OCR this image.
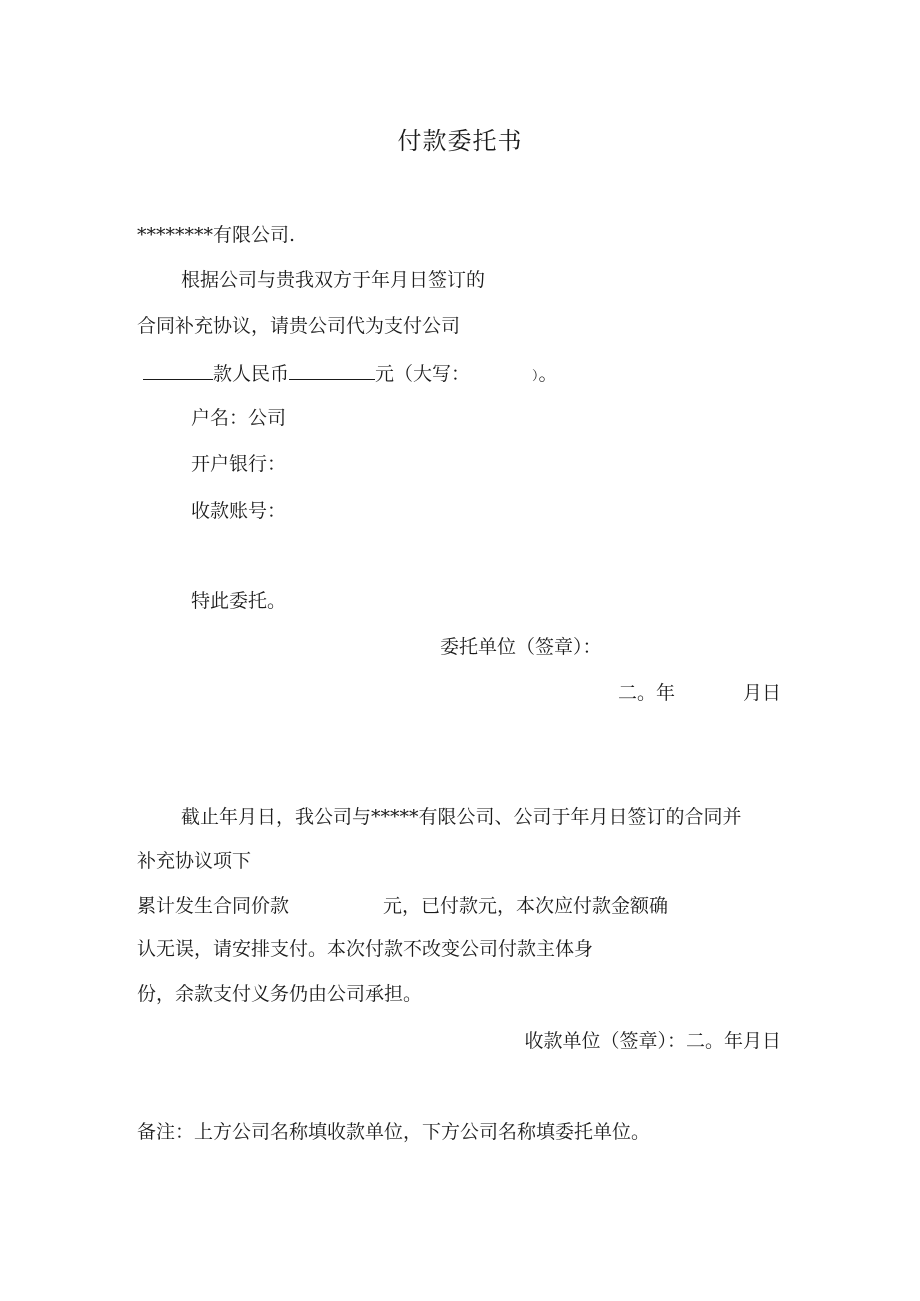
付款委托书
********有限公司.
根据公司与贵我双方于年月日签订的
合同补充协议，请贵公司代为支付公司
款人民币	元（大写：	）。
户名：公司
开户银行：
收款账号：
特此委托。
委托单位（签章）：
二。年	月日
截止年月日，我公司与*****有限公司、公司于年月日签订的合同并
补充协议项下
累计发生合同价款	元，已付款元，本次应付款金额确
认无误，请安排支付。本次付款不改变公司付款主体身
份，余款支付义务仍由公司承担。
收款单位（签章）：二。年月日
备注：上方公司名称填收款单位，下方公司名称填委托单位。
